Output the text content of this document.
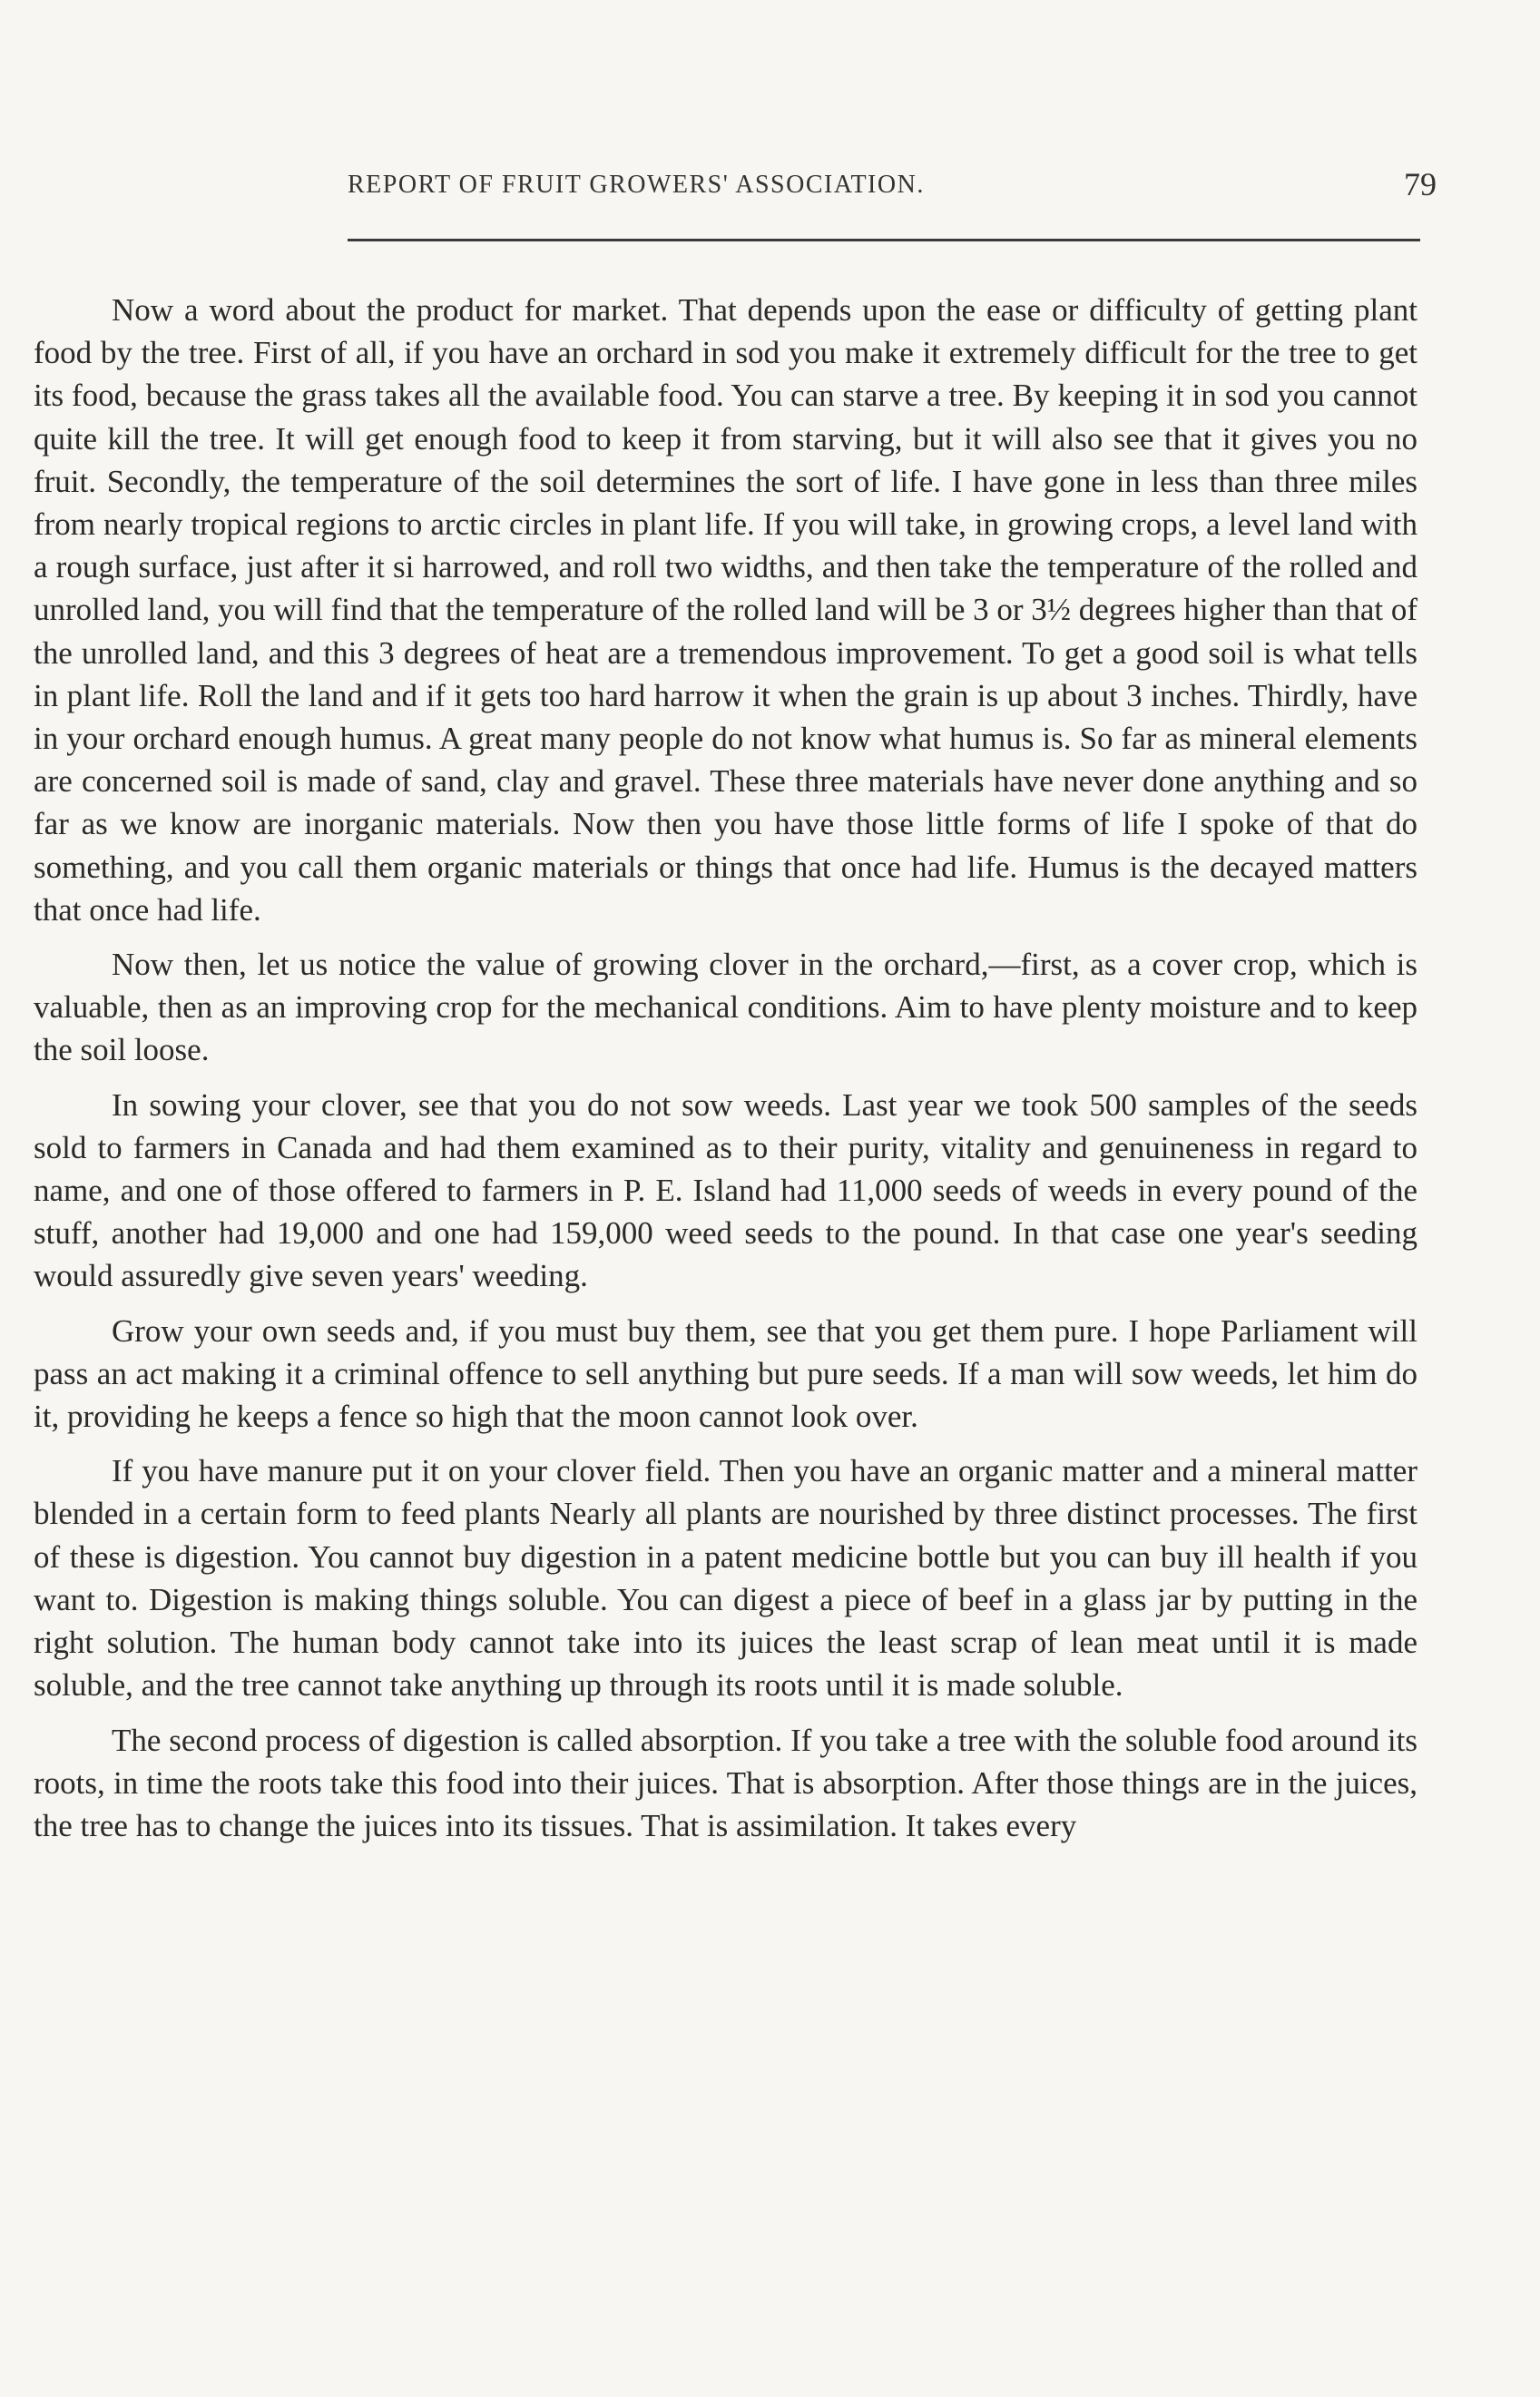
REPORT OF FRUIT GROWERS' ASSOCIATION.	79

Now a word about the product for market. That depends upon the ease or difficulty of getting plant food by the tree. First of all, if you have an orchard in sod you make it extremely difficult for the tree to get its food, because the grass takes all the available food. You can starve a tree. By keeping it in sod you cannot quite kill the tree. It will get enough food to keep it from starving, but it will also see that it gives you no fruit. Secondly, the temperature of the soil determines the sort of life. I have gone in less than three miles from nearly tropical regions to arctic circles in plant life. If you will take, in growing crops, a level land with a rough surface, just after it si harrowed, and roll two widths, and then take the temperature of the rolled and unrolled land, you will find that the temperature of the rolled land will be 3 or 3½ degrees higher than that of the unrolled land, and this 3 degrees of heat are a tremendous improvement. To get a good soil is what tells in plant life. Roll the land and if it gets too hard harrow it when the grain is up about 3 inches. Thirdly, have in your orchard enough humus. A great many people do not know what humus is. So far as mineral elements are concerned soil is made of sand, clay and gravel. These three materials have never done anything and so far as we know are inorganic materials. Now then you have those little forms of life I spoke of that do something, and you call them organic materials or things that once had life. Humus is the decayed matters that once had life.

Now then, let us notice the value of growing clover in the orchard,—first, as a cover crop, which is valuable, then as an improving crop for the mechanical conditions. Aim to have plenty moisture and to keep the soil loose.

In sowing your clover, see that you do not sow weeds. Last year we took 500 samples of the seeds sold to farmers in Canada and had them examined as to their purity, vitality and genuineness in regard to name, and one of those offered to farmers in P. E. Island had 11,000 seeds of weeds in every pound of the stuff, another had 19,000 and one had 159,000 weed seeds to the pound. In that case one year's seeding would assuredly give seven years' weeding.

Grow your own seeds and, if you must buy them, see that you get them pure. I hope Parliament will pass an act making it a criminal offence to sell anything but pure seeds. If a man will sow weeds, let him do it, providing he keeps a fence so high that the moon cannot look over.

If you have manure put it on your clover field. Then you have an organic matter and a mineral matter blended in a certain form to feed plants Nearly all plants are nourished by three distinct processes. The first of these is digestion. You cannot buy digestion in a patent medicine bottle but you can buy ill health if you want to. Digestion is making things soluble. You can digest a piece of beef in a glass jar by putting in the right solution. The human body cannot take into its juices the least scrap of lean meat until it is made soluble, and the tree cannot take anything up through its roots until it is made soluble.

The second process of digestion is called absorption. If you take a tree with the soluble food around its roots, in time the roots take this food into their juices. That is absorption. After those things are in the juices, the tree has to change the juices into its tissues. That is assimilation. It takes every
